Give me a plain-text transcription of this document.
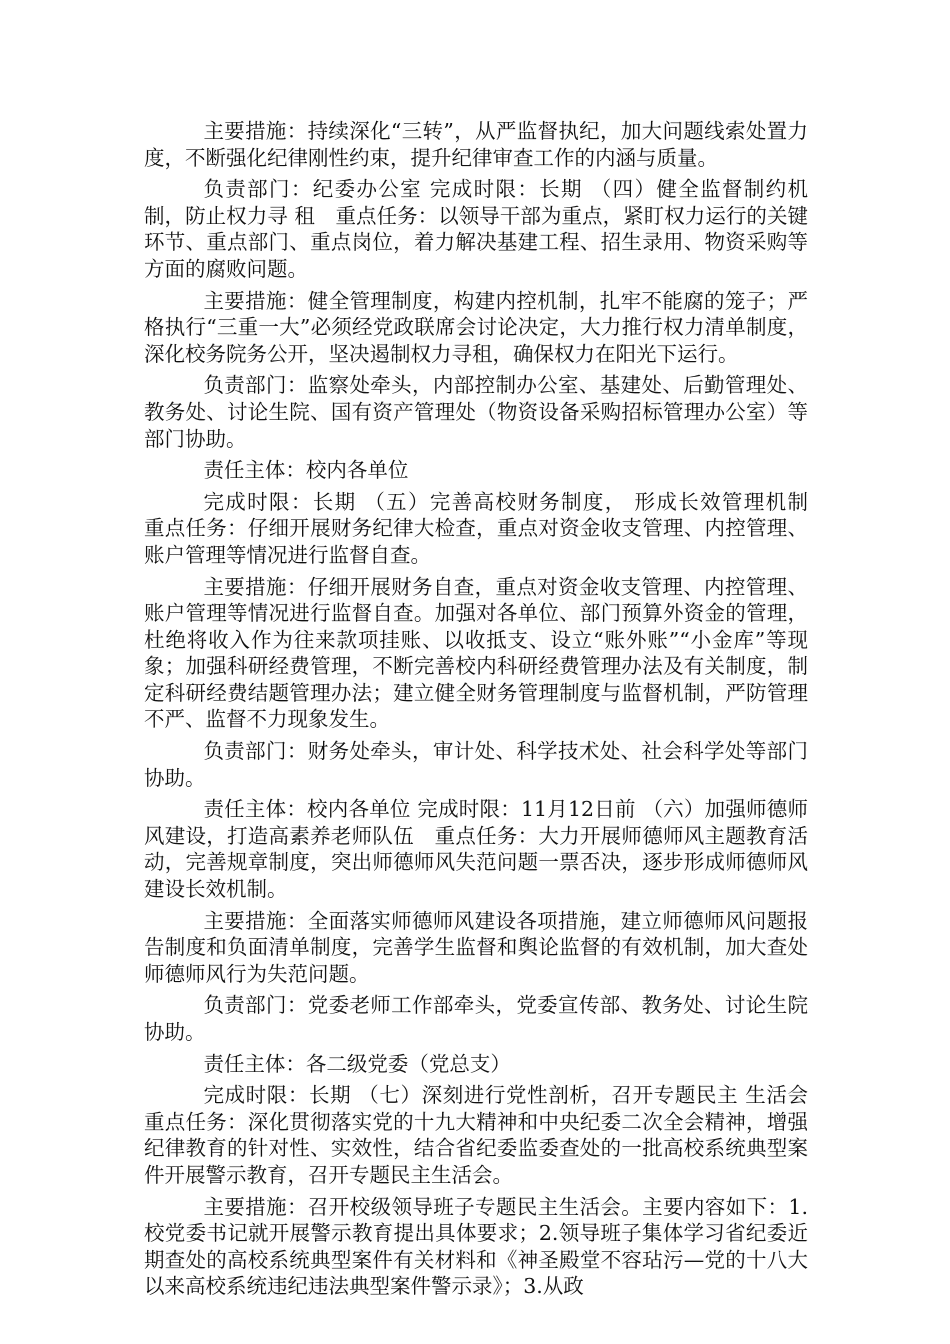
主要措施：持续深化“三转”，从严监督执纪，加大问题线索处置力度，不断强化纪律刚性约束，提升纪律审查工作的内涵与质量。

负责部门：纪委办公室 完成时限：长期 （四）健全监督制约机制，防止权力寻 租　重点任务：以领导干部为重点，紧盯权力运行的关键环节、重点部门、重点岗位，着力解决基建工程、招生录用、物资采购等方面的腐败问题。

主要措施：健全管理制度，构建内控机制，扎牢不能腐的笼子；严格执行“三重一大”必须经党政联席会讨论决定，大力推行权力清单制度，深化校务院务公开，坚决遏制权力寻租，确保权力在阳光下运行。

负责部门：监察处牵头，内部控制办公室、基建处、后勤管理处、教务处、讨论生院、国有资产管理处（物资设备采购招标管理办公室）等部门协助。

责任主体：校内各单位

完成时限：长期 （五）完善高校财务制度， 形成长效管理机制　重点任务：仔细开展财务纪律大检查，重点对资金收支管理、内控管理、账户管理等情况进行监督自查。

主要措施：仔细开展财务自查，重点对资金收支管理、内控管理、账户管理等情况进行监督自查。加强对各单位、部门预算外资金的管理，杜绝将收入作为往来款项挂账、以收抵支、设立“账外账”“小金库”等现象；加强科研经费管理，不断完善校内科研经费管理办法及有关制度，制定科研经费结题管理办法；建立健全财务管理制度与监督机制，严防管理不严、监督不力现象发生。

负责部门：财务处牵头，审计处、科学技术处、社会科学处等部门协助。

责任主体：校内各单位 完成时限：11月12日前 （六）加强师德师风建设，打造高素养老师队伍　重点任务：大力开展师德师风主题教育活动，完善规章制度，突出师德师风失范问题一票否决，逐步形成师德师风建设长效机制。

主要措施：全面落实师德师风建设各项措施，建立师德师风问题报告制度和负面清单制度，完善学生监督和舆论监督的有效机制，加大查处师德师风行为失范问题。

负责部门：党委老师工作部牵头，党委宣传部、教务处、讨论生院协助。

责任主体：各二级党委（党总支）

完成时限：长期 （七）深刻进行党性剖析，召开专题民主 生活会　重点任务：深化贯彻落实党的十九大精神和中央纪委二次全会精神，增强纪律教育的针对性、实效性，结合省纪委监委查处的一批高校系统典型案件开展警示教育，召开专题民主生活会。

主要措施：召开校级领导班子专题民主生活会。主要内容如下：1.校党委书记就开展警示教育提出具体要求；2.领导班子集体学习省纪委近期查处的高校系统典型案件有关材料和《神圣殿堂不容玷污—党的十八大以来高校系统违纪违法典型案件警示录》；3.从政
